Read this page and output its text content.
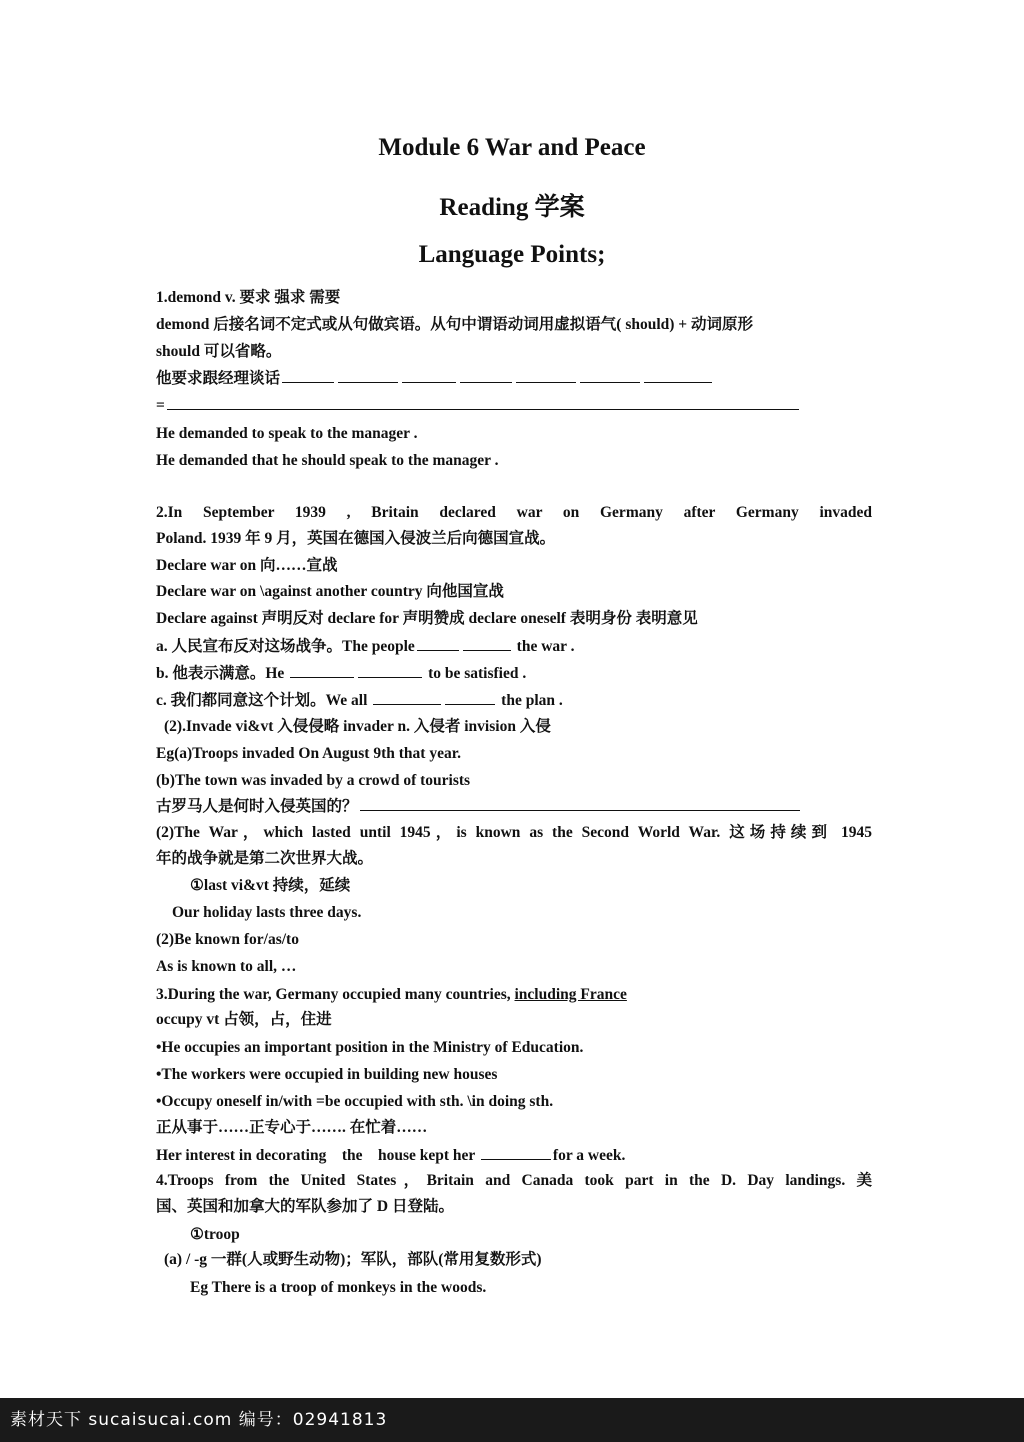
Module 6 War and Peace
Reading 学案
Language Points;
1.demond v. 要求 强求 需要
demond 后接名词不定式或从句做宾语。从句中谓语动词用虚拟语气( should) + 动词原形
should 可以省略。
他要求跟经理谈话
=
He demanded to speak to the manager .
He demanded that he should speak to the manager .
2.In September 1939 , Britain declared war on Germany after Germany invaded
Poland. 1939 年 9 月，英国在德国入侵波兰后向德国宣战。
Declare war on 向……宣战
Declare war on \against another country 向他国宣战
Declare against 声明反对 declare for 声明赞成 declare oneself 表明身份 表明意见
a. 人民宣布反对这场战争。The people	the war .
b. 他表示满意。He	to be satisfied .
c. 我们都同意这个计划。We all	the plan .
(2).Invade vi&vt 入侵侵略 invader n. 入侵者 invision 入侵
Eg(a)Troops invaded On August 9th that year.
(b)The town was invaded by a crowd of tourists
古罗马人是何时入侵英国的？
(2)The War，which lasted until 1945，is known as the Second World War. 这场持续到 1945
年的战争就是第二次世界大战。
①last vi&vt 持续，延续
Our holiday lasts three days.
(2)Be known for/as/to
As is known to all, …
3.During the war, Germany occupied many countries, including France
occupy vt 占领，占，住进
•He occupies an important position in the Ministry of Education.
•The workers were occupied in building new houses
•Occupy oneself in/with =be occupied with sth. \in doing sth.
正从事于……正专心于……. 在忙着……
Her interest in decorating    the    house kept her	for a week.
4.Troops from the United States，Britain and Canada took part in the D. Day landings. 美
国、英国和加拿大的军队参加了 D 日登陆。
①troop
(a) / -g 一群(人或野生动物)；军队，部队(常用复数形式)
Eg There is a troop of monkeys in the woods.
素材天下 sucaisucai.com 编号：02941813
